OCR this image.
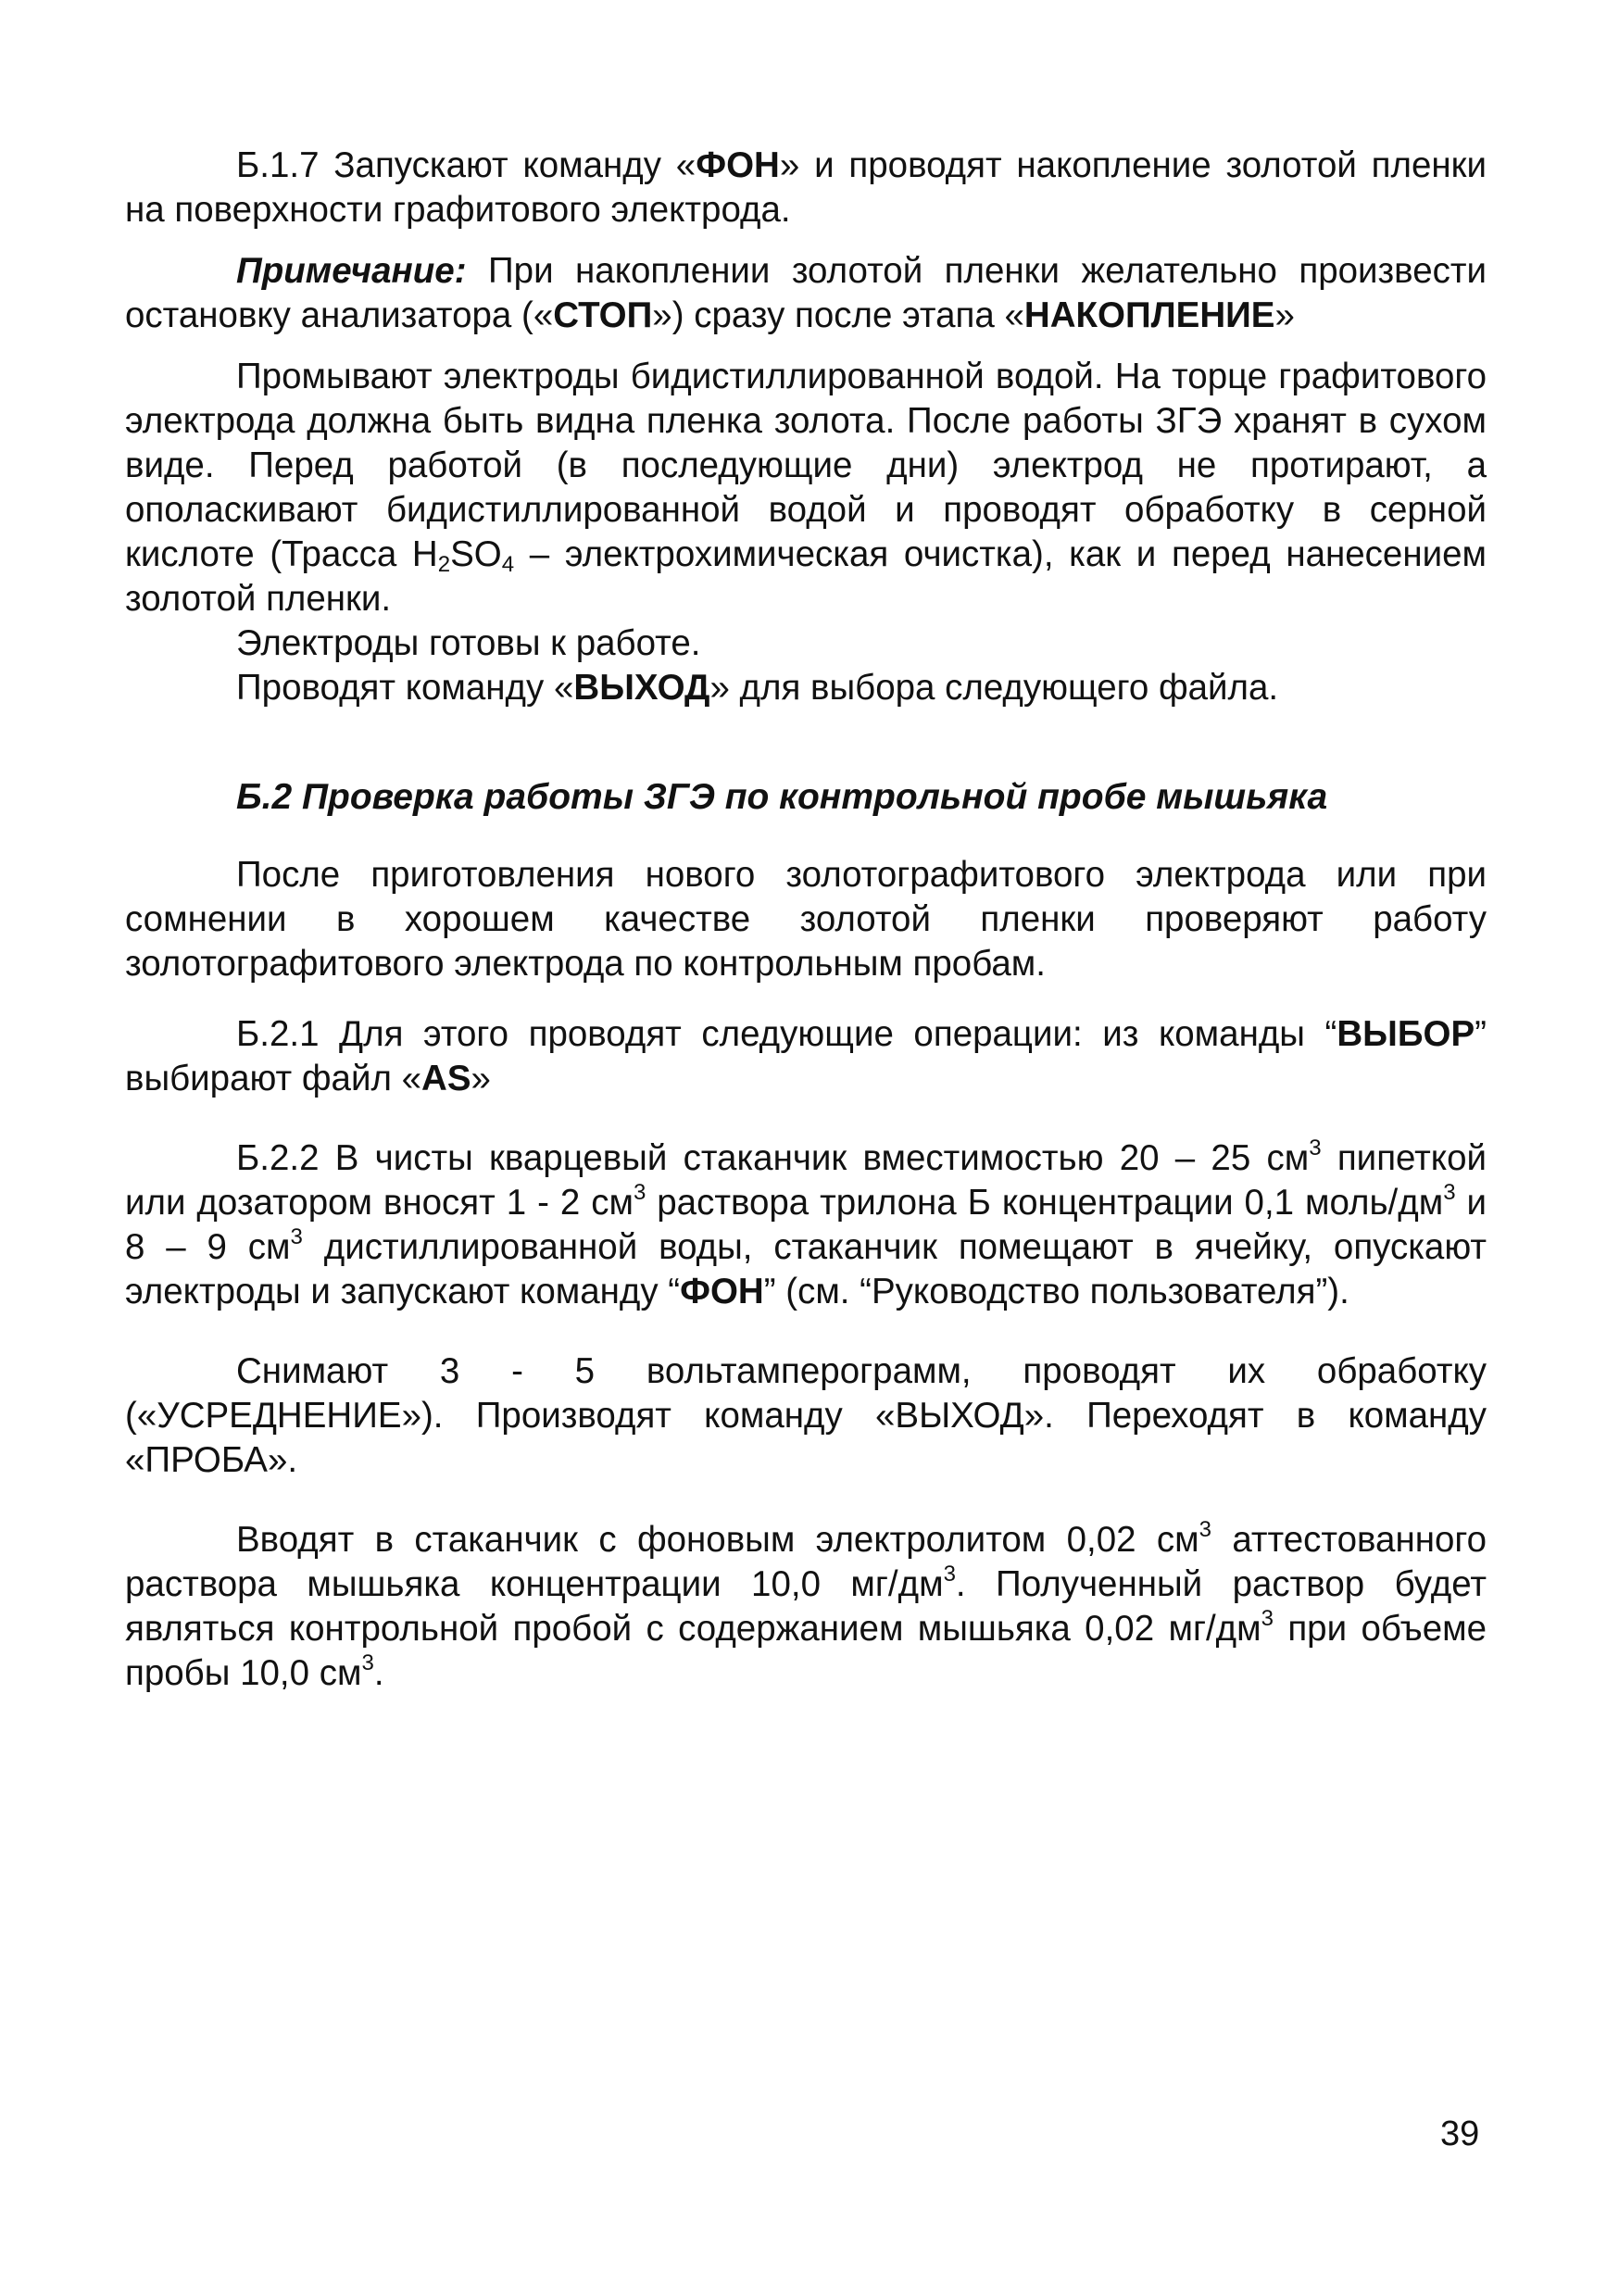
Б.1.7 Запускают команду «ФОН» и проводят накопление золотой пленки на поверхности графитового электрода.

Примечание: При накоплении золотой пленки желательно произвести остановку анализатора («СТОП») сразу после этапа «НАКОПЛЕНИЕ»

Промывают электроды бидистиллированной водой. На торце графитового электрода должна быть видна пленка золота. После работы ЗГЭ хранят в сухом виде. Перед работой (в последующие дни) электрод не протирают, а ополаскивают бидистиллированной водой и проводят обработку в серной кислоте (Трасса $H_2SO_4$ – электрохимическая очистка), как и перед нанесением золотой пленки.

Электроды готовы к работе.

Проводят команду «ВЫХОД» для выбора следующего файла.

Б.2 Проверка работы ЗГЭ по контрольной пробе мышьяка

После приготовления нового золотографитового электрода или при сомнении в хорошем качестве золотой пленки проверяют работу золотографитового электрода по контрольным пробам.

Б.2.1 Для этого проводят следующие операции: из команды “ВЫБОР” выбирают файл «AS»

Б.2.2 В чисты кварцевый стаканчик вместимостью 20 – 25 $см^3$ пипеткой или дозатором вносят 1 - 2 $см^3$ раствора трилона Б концентрации 0,1 моль/$дм^3$ и 8 – 9 $см^3$ дистиллированной воды, стаканчик помещают в ячейку, опускают электроды и запускают команду “ФОН” (см. “Руководство пользователя”).

Снимают 3 - 5 вольтамперограмм, проводят их обработку («УСРЕДНЕНИЕ»). Производят команду «ВЫХОД». Переходят в команду «ПРОБА».

Вводят в стаканчик с фоновым электролитом 0,02 $см^3$ аттестованного раствора мышьяка концентрации 10,0 $мг/дм^3$. Полученный раствор будет являться контрольной пробой с содержанием мышьяка 0,02 $мг/дм^3$ при объеме пробы 10,0 $см^3$.

39
